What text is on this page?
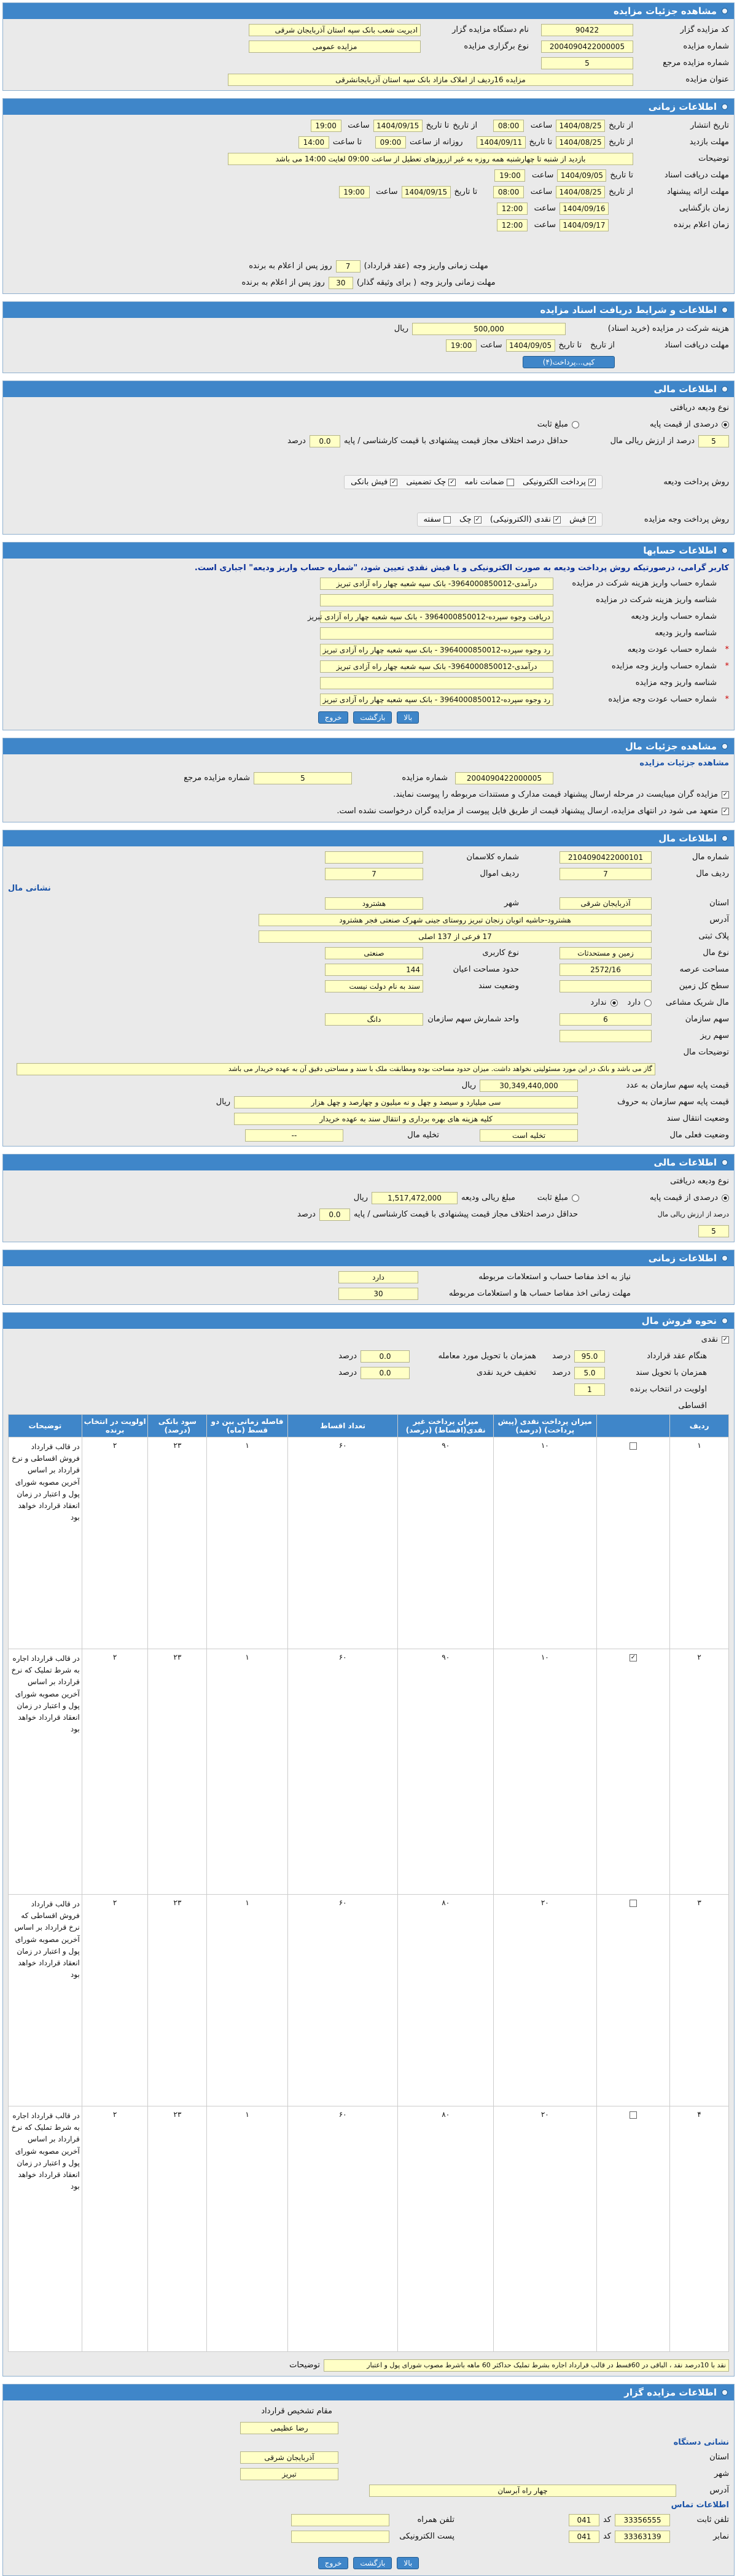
مشاهده جزئیات مزایده
کد مزایده گزار
90422
نام دستگاه مزایده گزار
ادیریت شعب بانک سپه استان آذربایجان شرقی
شماره مزایده
2004090422000005
نوع برگزاری مزایده
مزایده عمومی
شماره مزایده مرجع
5
عنوان مزایده
مزایده 16ردیف از املاک مازاد بانک سپه استان آذربایجانشرقی
اطلاعات زمانی
تاریخ انتشار
از تاریخ
1404/08/25
ساعت
08:00
از تاریخ
تا تاریخ
1404/09/15
ساعت
19:00
مهلت بازدید
از تاریخ
1404/08/25
تا تاریخ
1404/09/11
روزانه از ساعت
09:00
تا ساعت
14:00
توضیحات
بازدید از شنبه تا چهارشنبه همه روزه به غیر ازروزهای تعطیل از ساعت 09:00 لغایت 14:00 می باشد
مهلت دریافت اسناد
تا تاریخ
1404/09/05
ساعت
19:00
مهلت ارائه پیشنهاد
از تاریخ
1404/08/25
ساعت
08:00
تا تاریخ
1404/09/15
ساعت
19:00
زمان بازگشایی
1404/09/16
ساعت
12:00
زمان اعلام برنده
1404/09/17
ساعت
12:00
مهلت زمانی واریز وجه
(عقد قرارداد)
7
روز پس از اعلام به برنده
مهلت زمانی واریز وجه
( برای وثیقه گذار)
30
روز پس از اعلام به برنده
اطلاعات و شرایط دریافت اسناد مزایده
هزینه شرکت در مزایده (خرید اسناد)
500,000
ریال
مهلت دریافت اسناد
از تاریخ
تا تاریخ
1404/09/05
ساعت
19:00
کپی...پرداخت(۴)
اطلاعات مالی
نوع ودیعه دریافتی
درصدی از قیمت پایه
مبلغ ثابت
5
درصد از ارزش ریالی مال
حداقل درصد اختلاف مجاز قیمت پیشنهادی با قیمت کارشناسی / پایه
0.0
درصد
روش پرداخت ودیعه
✓ پرداخت الکترونیکی
ضمانت نامه
✓ چک تضمینی
✓ فیش بانکی
روش پرداخت وجه مزایده
✓ فیش
✓ نقدی (الکترونیکی)
✓ چک
سفته
اطلاعات حسابها
کاربر گرامی، درصورتیکه روش پرداخت ودیعه به صورت الکترونیکی و یا فیش نقدی تعیین شود، "شماره حساب واریز ودیعه" اجباری است.
شماره حساب واریز هزینه شرکت در مزایده
درآمدی-3964000850012- بانک سپه شعبه چهار راه آزادی تبریز
شناسه واریز هزینه شرکت در مزایده
شماره حساب واریز ودیعه
دریافت وجوه سپرده-3964000850012 - بانک سپه شعبه چهار راه آزادی تبریز
شناسه واریز ودیعه
*
شماره حساب عودت ودیعه
رد وجوه سپرده-3964000850012 - بانک سپه شعبه چهار راه آزادی تبریز
*
شماره حساب واریز وجه مزایده
درآمدی-3964000850012- بانک سپه شعبه چهار راه آزادی تبریز
شناسه واریز وجه مزایده
*
شماره حساب عودت وجه مزایده
رد وجوه سپرده-3964000850012 - بانک سپه شعبه چهار راه آزادی تبریز
بالا
بازگشت
خروج
مشاهده جزئیات مال
مشاهده جزئیات مزایده
2004090422000005
شماره مزایده
5
شماره مزایده مرجع
✓
مزایده گران میبایست در مرحله ارسال پیشنهاد قیمت مدارک و مستندات مربوطه را پیوست نمایند.
✓
متعهد می شود در انتهای مزایده، ارسال پیشنهاد قیمت از طریق فایل پیوست از مزایده گران درخواست نشده است.
اطلاعات مال
شماره مال
2104090422000101
شماره کلاسمان
ردیف مال
7
ردیف اموال
7
نشانی مال
استان
آذربایجان شرقی
شهر
هشترود
آدرس
هشترود-حاشیه اتوبان زنجان تبریز روستای جینی شهرک صنعتی فجر هشترود
پلاک ثبتی
17 فرعی از 137 اصلی
نوع مال
زمین و مستحدثات
نوع کاربری
صنعتی
مساحت عرصه
2572/16
حدود مساحت اعیان
144
سطح کل زمین
وضعیت سند
سند به نام دولت نیست
مال شریک مشاعی
دارد
ندارد
سهم سازمان
6
واحد شمارش سهم سازمان
دانگ
سهم ریز
توضیحات مال
گاز می باشد و بانک در این مورد مسئولیتی نخواهد داشت. میزان حدود مساحت بوده ومطابقت ملک با سند و مساحتی دقیق آن به عهده خریدار می باشد
قیمت پایه سهم سازمان به عدد
30,349,440,000
ریال
قیمت پایه سهم سازمان به حروف
سی میلیارد و سیصد و چهل و نه میلیون و چهارصد و چهل هزار
ریال
وضعیت انتقال سند
کلیه هزینه های بهره برداری و انتقال سند به عهده خریدار
وضعیت فعلی مال
تخلیه است
تخلیه مال
--
اطلاعات مالی
نوع ودیعه دریافتی
درصدی از قیمت پایه
مبلغ ثابت
مبلغ ریالی ودیعه
1,517,472,000
ریال
درصد از ارزش ریالی مال
حداقل درصد اختلاف مجاز قیمت پیشنهادی با قیمت کارشناسی / پایه
0.0
درصد
5
اطلاعات زمانی
نیاز به اخذ مفاصا حساب و استعلامات مربوطه
دارد
مهلت زمانی اخذ مفاصا حساب ها و استعلامات مربوطه
30
نحوه فروش مال
✓
نقدی
هنگام عقد قرارداد
95.0
درصد
همزمان با تحویل مورد معامله
0.0
درصد
همزمان با تحویل سند
5.0
درصد
تخفیف خرید نقدی
0.0
درصد
اولویت در انتخاب برنده
1
اقساطی
ردیف		میزان پرداخت نقدی (پیش پرداخت) (درصد)	میزان پرداخت غیر نقدی(اقساط) (درصد)	تعداد اقساط	فاصله زمانی بین دو قسط (ماه)	سود بانکی (درصد)	اولویت در انتخاب برنده	توضیحات
۱		۱۰	۹۰	۶۰	۱	۲۳	۲	در قالب قرارداد فروش اقساطی و نرخ قرارداد بر اساس آخرین مصوبه شورای پول و اعتبار در زمان انعقاد قرارداد خواهد بود
۲	✓	۱۰	۹۰	۶۰	۱	۲۳	۲	در قالب قرارداد اجاره به شرط تملیک که نرخ قرارداد بر اساس آخرین مصوبه شورای پول و اعتبار در زمان انعقاد قرارداد خواهد بود
۳		۲۰	۸۰	۶۰	۱	۲۳	۲	در قالب قرارداد فروش اقساطی که نرخ قرارداد بر اساس آخرین مصوبه شورای پول و اعتبار در زمان انعقاد قرارداد خواهد بود
۴		۲۰	۸۰	۶۰	۱	۲۳	۲	در قالب قرارداد اجاره به شرط تملیک که نرخ قرارداد بر اساس آخرین مصوبه شورای پول و اعتبار در زمان انعقاد قرارداد خواهد بود
نقد با 10درصد نقد ، الباقی در 60قسط در قالب قرارداد اجاره بشرط تملیک حداکثر 60 ماهه باشرط مصوب شورای پول و اعتبار
توضیحات
اطلاعات مزایده گزار
مقام تشخیص قرارداد
رضا عظیمی
نشانی دستگاه
استان
آذربایجان شرقی
شهر
تبریز
آدرس
چهار راه آبرسان
اطلاعات تماس
تلفن ثابت
33356555
کد
041
تلفن همراه
نمابر
33363139
کد
041
پست الکترونیکی
بالا
بازگشت
خروج
